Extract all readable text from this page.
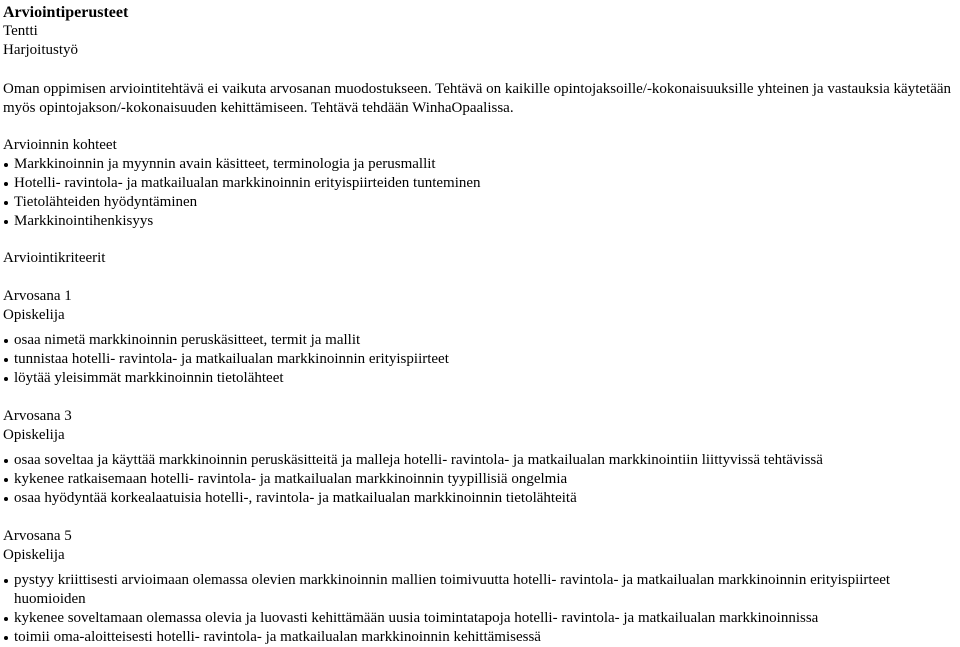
Arviointiperusteet
Tentti
Harjoitustyö
Oman oppimisen arviointitehtävä ei vaikuta arvosanan muodostukseen. Tehtävä on kaikille opintojaksoille/-kokonaisuuksille yhteinen ja vastauksia käytetään myös opintojakson/-kokonaisuuden kehittämiseen. Tehtävä tehdään WinhaOpaalissa.
Arvioinnin kohteet
Markkinoinnin ja myynnin avain käsitteet, terminologia ja perusmallit
Hotelli- ravintola- ja matkailualan markkinoinnin erityispiirteiden tunteminen
Tietolähteiden hyödyntäminen
Markkinointihenkisyys
Arviointikriteerit
Arvosana 1
Opiskelija
osaa nimetä markkinoinnin peruskäsitteet, termit ja mallit
tunnistaa hotelli- ravintola- ja matkailualan markkinoinnin erityispiirteet
löytää yleisimmät markkinoinnin tietolähteet
Arvosana 3
Opiskelija
osaa soveltaa ja käyttää markkinoinnin peruskäsitteitä ja malleja hotelli- ravintola- ja matkailualan markkinointiin liittyvissä tehtävissä
kykenee ratkaisemaan hotelli- ravintola- ja matkailualan markkinoinnin tyypillisiä ongelmia
osaa hyödyntää korkealaatuisia hotelli-, ravintola- ja matkailualan markkinoinnin tietolähteitä
Arvosana 5
Opiskelija
pystyy kriittisesti arvioimaan olemassa olevien markkinoinnin mallien toimivuutta hotelli- ravintola- ja matkailualan markkinoinnin erityispiirteet huomioiden
kykenee soveltamaan olemassa olevia ja luovasti kehittämään uusia toimintatapoja hotelli- ravintola- ja matkailualan markkinoinnissa
toimii oma-aloitteisesti hotelli- ravintola- ja matkailualan markkinoinnin kehittämisessä
